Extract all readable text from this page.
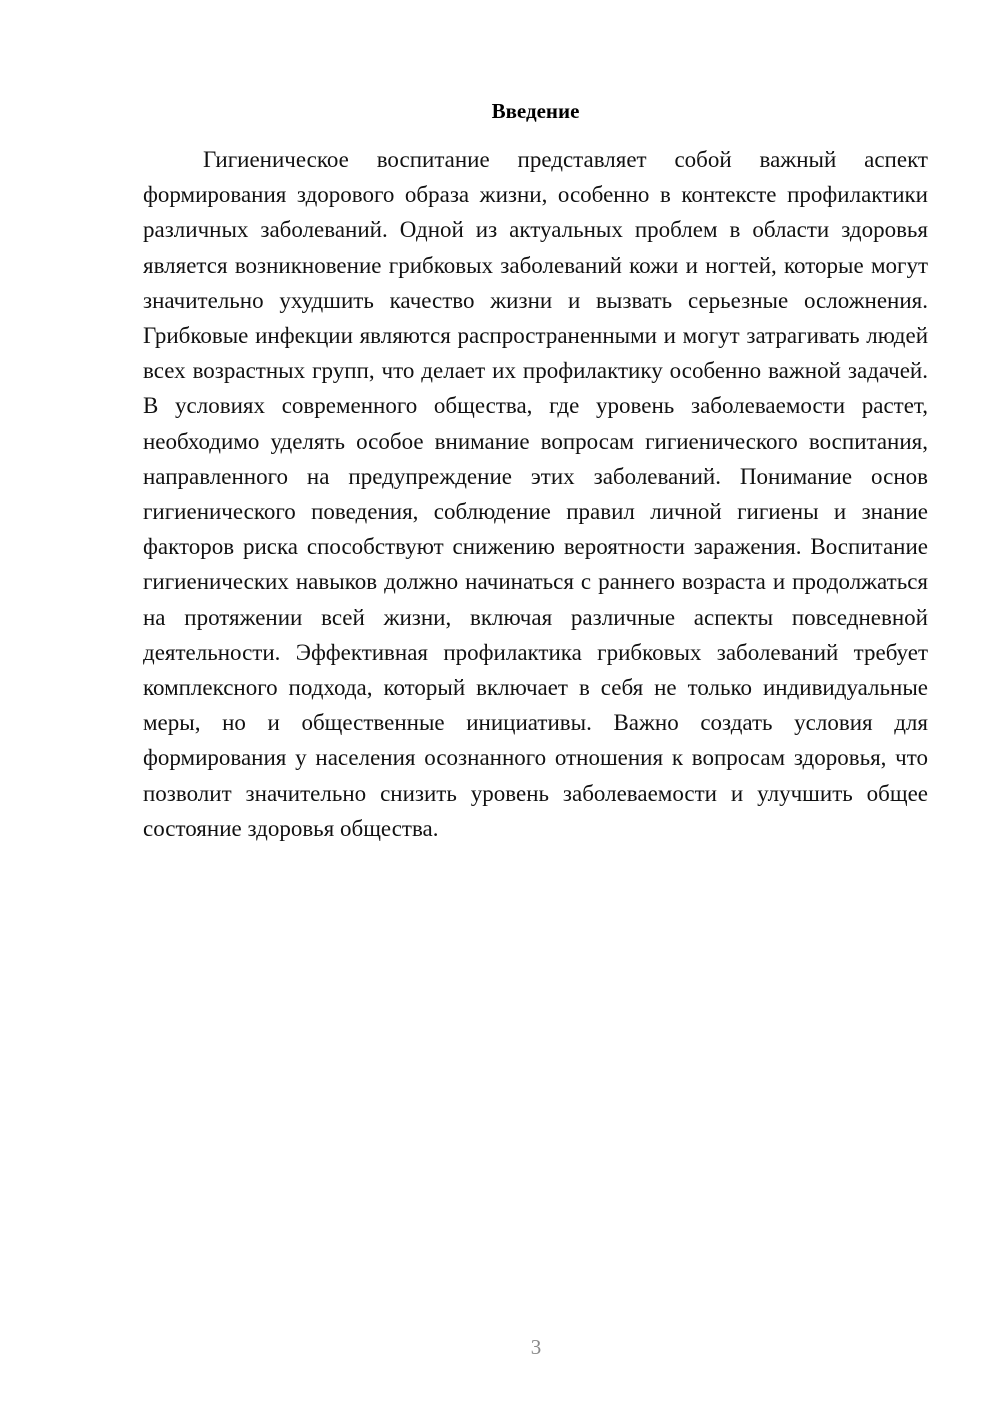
Введение

Гигиеническое воспитание представляет собой важный аспект формирования здорового образа жизни, особенно в контексте профилактики различных заболеваний. Одной из актуальных проблем в области здоровья является возникновение грибковых заболеваний кожи и ногтей, которые могут значительно ухудшить качество жизни и вызвать серьезные осложнения. Грибковые инфекции являются распространенными и могут затрагивать людей всех возрастных групп, что делает их профилактику особенно важной задачей. В условиях современного общества, где уровень заболеваемости растет, необходимо уделять особое внимание вопросам гигиенического воспитания, направленного на предупреждение этих заболеваний. Понимание основ гигиенического поведения, соблюдение правил личной гигиены и знание факторов риска способствуют снижению вероятности заражения. Воспитание гигиенических навыков должно начинаться с раннего возраста и продолжаться на протяжении всей жизни, включая различные аспекты повседневной деятельности. Эффективная профилактика грибковых заболеваний требует комплексного подхода, который включает в себя не только индивидуальные меры, но и общественные инициативы. Важно создать условия для формирования у населения осознанного отношения к вопросам здоровья, что позволит значительно снизить уровень заболеваемости и улучшить общее состояние здоровья общества.

3
